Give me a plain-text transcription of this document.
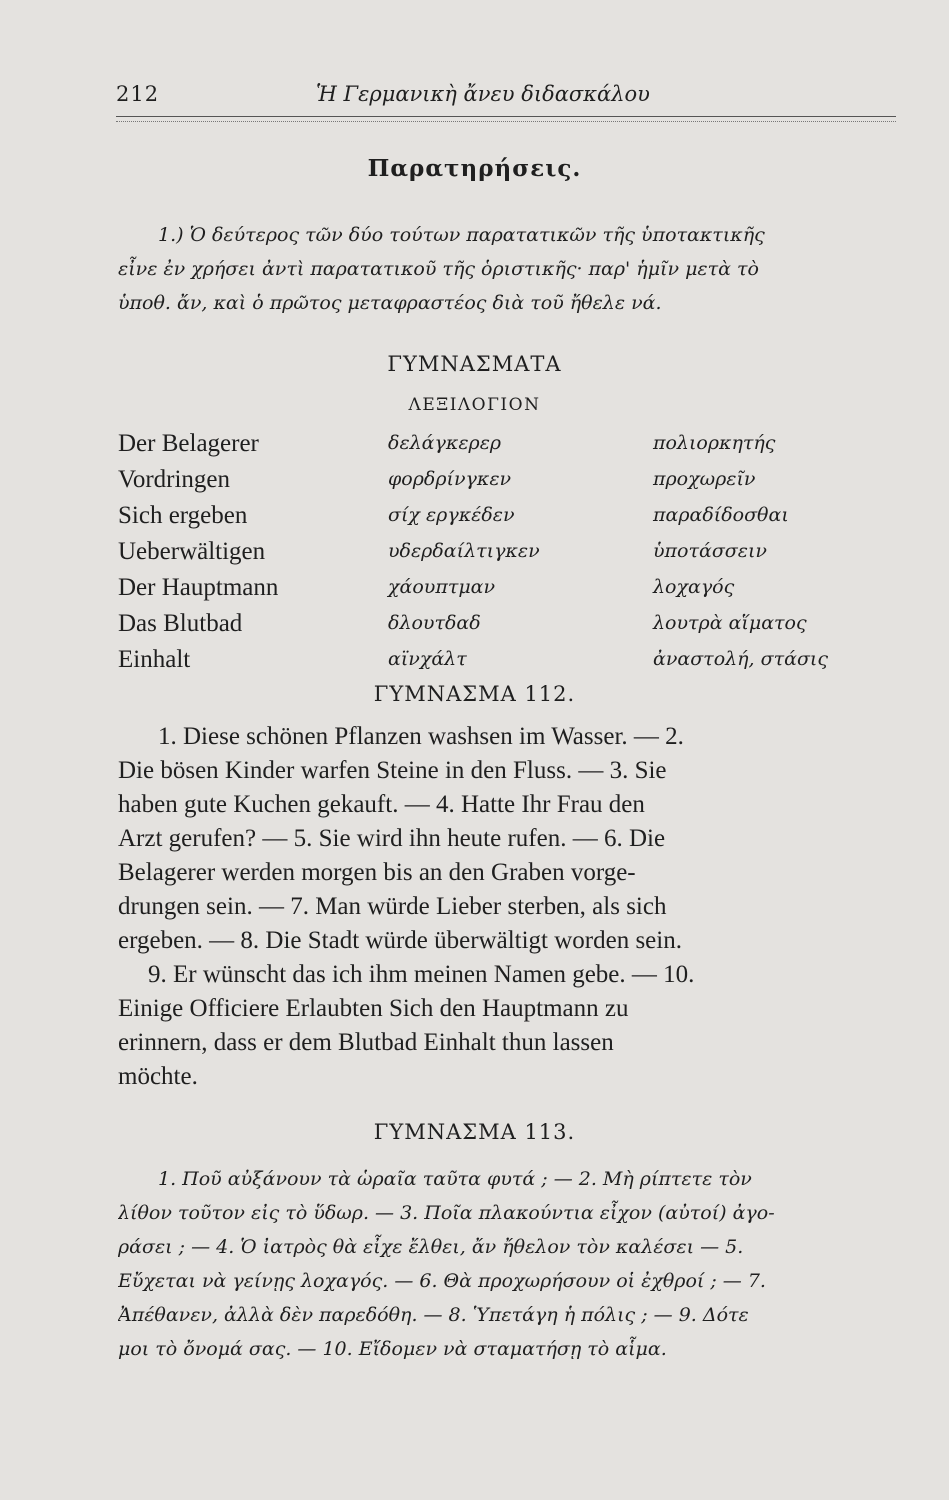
212	Ἡ Γερμανικὴ ἄνευ διδασκάλου
Παρατηρήσεις.
1.) Ὁ δεύτερος τῶν δύο τούτων παρατατικῶν τῆς ὑποτακτικῆς
εἶνε ἐν χρήσει ἀντὶ παρατατικοῦ τῆς ὁριστικῆς· παρ' ἡμῖν μετὰ τὸ
ὑποθ. ἄν, καὶ ὁ πρῶτος μεταφραστέος διὰ τοῦ ἤθελε νά.
ΓΥΜΝΑΣΜΑΤΑ
ΛΕΞΙΛΟΓΙΟΝ
Der Belagerer	δελάγκερερ	πολιορκητής
Vordringen	φορδρίνγκεν	προχωρεῖν
Sich ergeben	σίχ εργκέδεν	παραδίδοσθαι
Ueberwältigen	υδερδαίλτιγκεν	ὑποτάσσειν
Der Hauptmann	χάουπτμαν	λοχαγός
Das Blutbad	δλουτδαδ	λουτρὰ αἵματος
Einhalt	αϊνχάλτ	ἀναστολή, στάσις
ΓΥΜΝΑΣΜΑ 112.
1. Diese schönen Pflanzen washsen im Wasser. — 2.
Die bösen Kinder warfen Steine in den Fluss. — 3. Sie
haben gute Kuchen gekauft. — 4. Hatte Ihr Frau den
Arzt gerufen? — 5. Sie wird ihn heute rufen. — 6. Die
Belagerer werden morgen bis an den Graben vorge-
drungen sein. — 7. Man würde Lieber sterben, als sich
ergeben. — 8. Die Stadt würde überwältigt worden sein.
9. Er wünscht das ich ihm meinen Namen gebe. — 10.
Einige Officiere Erlaubten Sich den Hauptmann zu
erinnern, dass er dem Blutbad Einhalt thun lassen
möchte.
ΓΥΜΝΑΣΜΑ 113.
1. Ποῦ αὐξάνουν τὰ ὡραῖα ταῦτα φυτά ; — 2. Μὴ ρίπτετε τὸν
λίθον τοῦτον εἰς τὸ ὕδωρ. — 3. Ποῖα πλακούντια εἶχον (αὐτοί) ἀγο-
ράσει ; — 4. Ὁ ἰατρὸς θὰ εἶχε ἔλθει, ἄν ἤθελον τὸν καλέσει — 5.
Εὔχεται νὰ γείνῃς λοχαγός. — 6. Θὰ προχωρήσουν οἱ ἐχθροί ; — 7.
Ἀπέθανεν, ἀλλὰ δὲν παρεδόθη. — 8. Ὑπετάγη ἡ πόλις ; — 9. Δότε
μοι τὸ ὄνομά σας. — 10. Εἴδομεν νὰ σταματήσῃ τὸ αἷμα.
